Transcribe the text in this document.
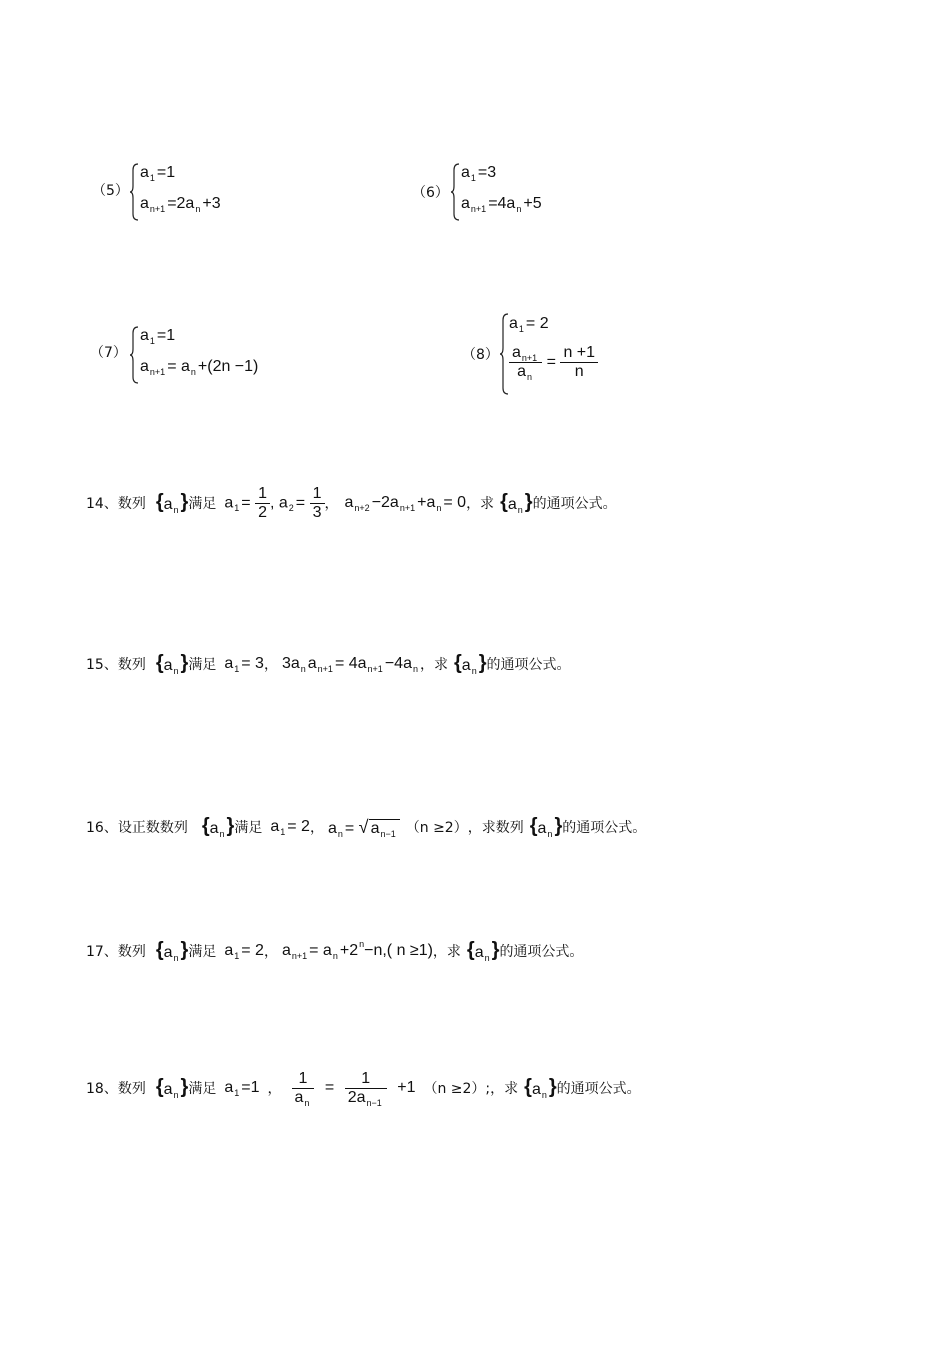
（5）
$a_1 =1$
$a_{n+1} =2a_n +3$
（6）
$a_1 =3$
$a_{n+1} =4a_n +5$
（7）
$a_1 =1$
$a_{n+1} = a_n +(2n -1)$
（8）
$a_1 = 2$
$\frac{a_{n+1}}{a_n} = \frac{n +1}{n}$
14、数列 {$a_n$ } 满足 $a_1 = \frac{1}{2}$ , $a_2 = \frac{1}{3}$ ， $a_{n+2} -2a_{n+1} +a_n = 0$ ，求 {$a_n$ } 的通项公式。
15、数列 {$a_n$ } 满足 $a_1 = 3$ ， $3a_n$ $a_{n+1} = 4a_{n+1} -4a_n$ ，求 {$a_n$ } 的通项公式。
16、设正数数列 {$a_n$ } 满足 $a_1 = 2$ ， $a_n$ = √ $a_{n-1}$ （n ≥2） ，求数列 {$a_n$ } 的通项公式。
17、数列 {$a_n$ } 满足 $a_1 = 2$ ， $a_{n+1} = a_n +2^n-n$,( n ≥1) ，求 {$a_n$ } 的通项公式。
18、数列 {$a_n$ } 满足 $a_1 =1$ ， $\frac{1}{a_n} = \frac{1}{2a_{n-1}} +1$ （n ≥2）; ，求 {$a_n$ } 的通项公式。
